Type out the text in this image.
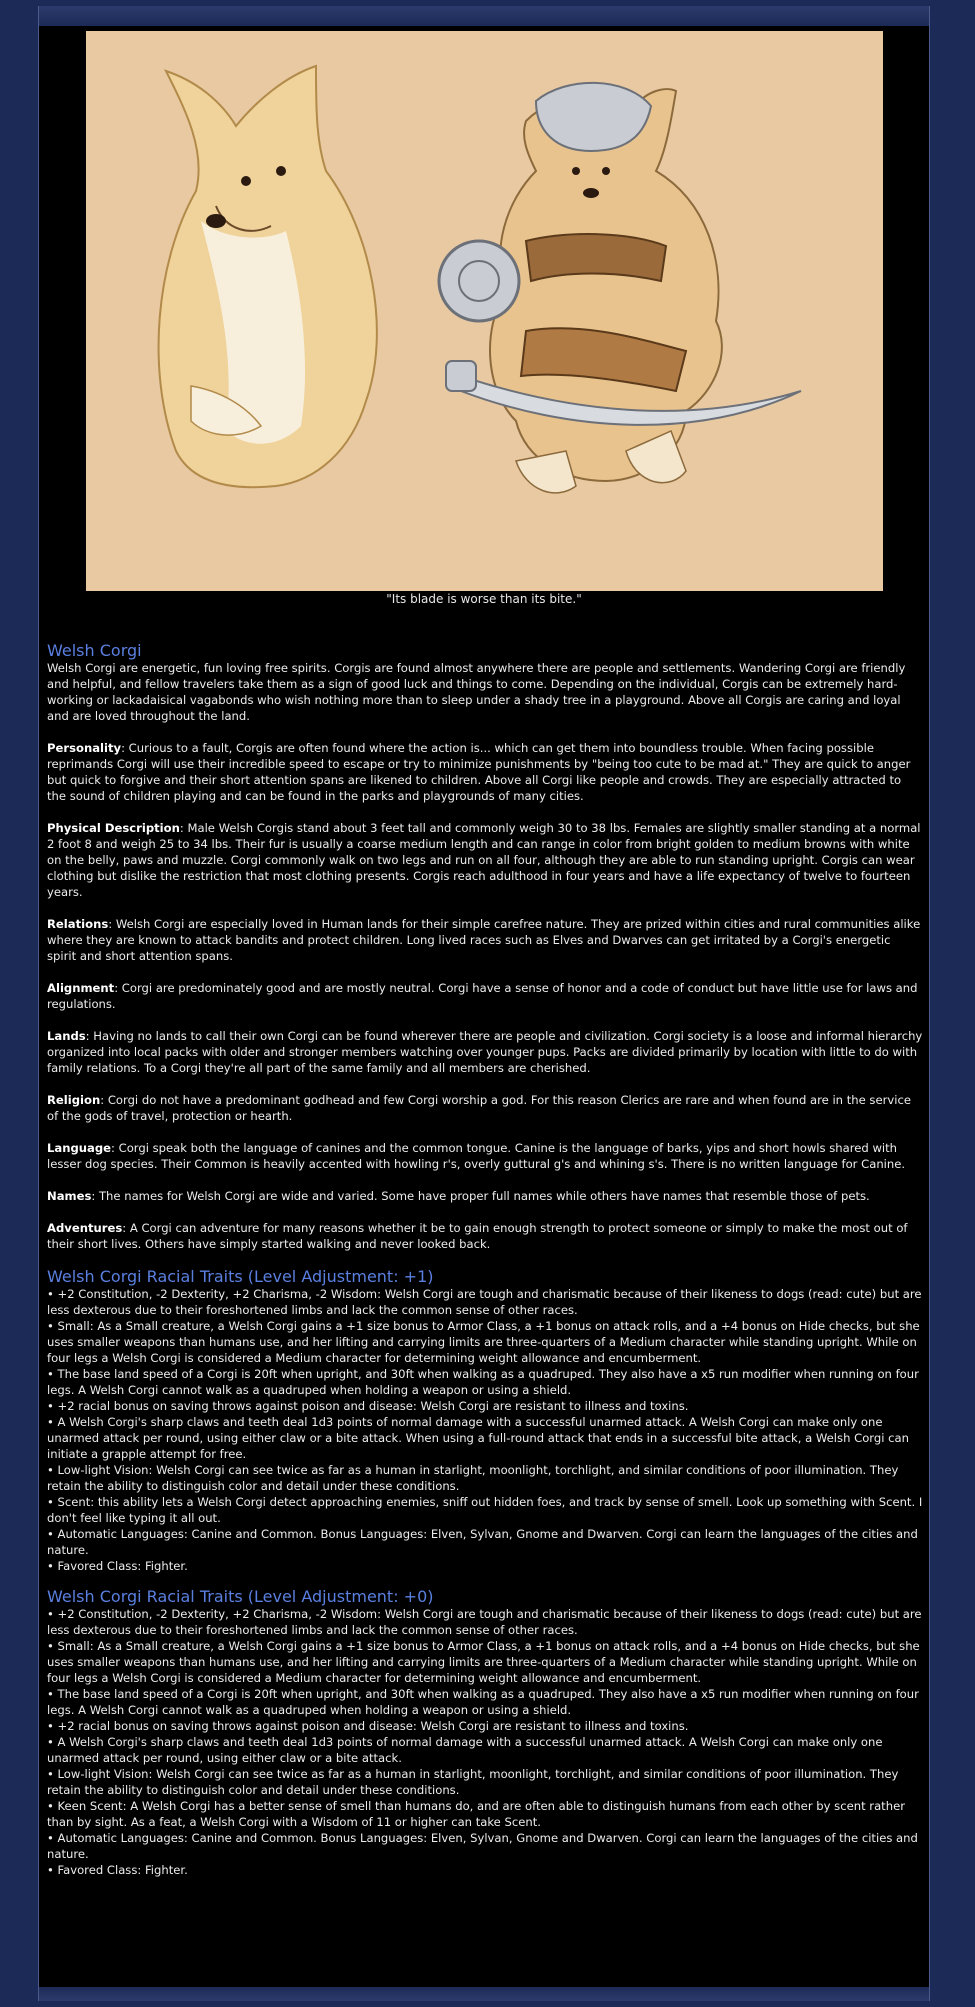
"Its blade is worse than its bite."
Welsh Corgi

Welsh Corgi are energetic, fun loving free spirits. Corgis are found almost anywhere there are people and settlements. Wandering Corgi are friendly and helpful, and fellow travelers take them as a sign of good luck and things to come. Depending on the individual, Corgis can be extremely hard-working or lackadaisical vagabonds who wish nothing more than to sleep under a shady tree in a playground. Above all Corgis are caring and loyal and are loved throughout the land.

Personality: Curious to a fault, Corgis are often found where the action is... which can get them into boundless trouble. When facing possible reprimands Corgi will use their incredible speed to escape or try to minimize punishments by "being too cute to be mad at." They are quick to anger but quick to forgive and their short attention spans are likened to children. Above all Corgi like people and crowds. They are especially attracted to the sound of children playing and can be found in the parks and playgrounds of many cities.

Physical Description: Male Welsh Corgis stand about 3 feet tall and commonly weigh 30 to 38 lbs. Females are slightly smaller standing at a normal 2 foot 8 and weigh 25 to 34 lbs. Their fur is usually a coarse medium length and can range in color from bright golden to medium browns with white on the belly, paws and muzzle. Corgi commonly walk on two legs and run on all four, although they are able to run standing upright. Corgis can wear clothing but dislike the restriction that most clothing presents. Corgis reach adulthood in four years and have a life expectancy of twelve to fourteen years.

Relations: Welsh Corgi are especially loved in Human lands for their simple carefree nature. They are prized within cities and rural communities alike where they are known to attack bandits and protect children. Long lived races such as Elves and Dwarves can get irritated by a Corgi's energetic spirit and short attention spans.

Alignment: Corgi are predominately good and are mostly neutral. Corgi have a sense of honor and a code of conduct but have little use for laws and regulations.

Lands: Having no lands to call their own Corgi can be found wherever there are people and civilization. Corgi society is a loose and informal hierarchy organized into local packs with older and stronger members watching over younger pups. Packs are divided primarily by location with little to do with family relations. To a Corgi they're all part of the same family and all members are cherished.

Religion: Corgi do not have a predominant godhead and few Corgi worship a god. For this reason Clerics are rare and when found are in the service of the gods of travel, protection or hearth.

Language: Corgi speak both the language of canines and the common tongue. Canine is the language of barks, yips and short howls shared with lesser dog species. Their Common is heavily accented with howling r's, overly guttural g's and whining s's. There is no written language for Canine.

Names: The names for Welsh Corgi are wide and varied. Some have proper full names while others have names that resemble those of pets.

Adventures: A Corgi can adventure for many reasons whether it be to gain enough strength to protect someone or simply to make the most out of their short lives. Others have simply started walking and never looked back.

Welsh Corgi Racial Traits (Level Adjustment: +1)
• +2 Constitution, -2 Dexterity, +2 Charisma, -2 Wisdom: Welsh Corgi are tough and charismatic because of their likeness to dogs (read: cute) but are less dexterous due to their foreshortened limbs and lack the common sense of other races.
• Small: As a Small creature, a Welsh Corgi gains a +1 size bonus to Armor Class, a +1 bonus on attack rolls, and a +4 bonus on Hide checks, but she uses smaller weapons than humans use, and her lifting and carrying limits are three-quarters of a Medium character while standing upright. While on four legs a Welsh Corgi is considered a Medium character for determining weight allowance and encumberment.
• The base land speed of a Corgi is 20ft when upright, and 30ft when walking as a quadruped. They also have a x5 run modifier when running on four legs. A Welsh Corgi cannot walk as a quadruped when holding a weapon or using a shield.
• +2 racial bonus on saving throws against poison and disease: Welsh Corgi are resistant to illness and toxins.
• A Welsh Corgi's sharp claws and teeth deal 1d3 points of normal damage with a successful unarmed attack. A Welsh Corgi can make only one unarmed attack per round, using either claw or a bite attack. When using a full-round attack that ends in a successful bite attack, a Welsh Corgi can initiate a grapple attempt for free.
• Low-light Vision: Welsh Corgi can see twice as far as a human in starlight, moonlight, torchlight, and similar conditions of poor illumination. They retain the ability to distinguish color and detail under these conditions.
• Scent: this ability lets a Welsh Corgi detect approaching enemies, sniff out hidden foes, and track by sense of smell. Look up something with Scent. I don't feel like typing it all out.
• Automatic Languages: Canine and Common. Bonus Languages: Elven, Sylvan, Gnome and Dwarven. Corgi can learn the languages of the cities and nature.
• Favored Class: Fighter.
Welsh Corgi Racial Traits (Level Adjustment: +0)
• +2 Constitution, -2 Dexterity, +2 Charisma, -2 Wisdom: Welsh Corgi are tough and charismatic because of their likeness to dogs (read: cute) but are less dexterous due to their foreshortened limbs and lack the common sense of other races.
• Small: As a Small creature, a Welsh Corgi gains a +1 size bonus to Armor Class, a +1 bonus on attack rolls, and a +4 bonus on Hide checks, but she uses smaller weapons than humans use, and her lifting and carrying limits are three-quarters of a Medium character while standing upright. While on four legs a Welsh Corgi is considered a Medium character for determining weight allowance and encumberment.
• The base land speed of a Corgi is 20ft when upright, and 30ft when walking as a quadruped. They also have a x5 run modifier when running on four legs. A Welsh Corgi cannot walk as a quadruped when holding a weapon or using a shield.
• +2 racial bonus on saving throws against poison and disease: Welsh Corgi are resistant to illness and toxins.
• A Welsh Corgi's sharp claws and teeth deal 1d3 points of normal damage with a successful unarmed attack. A Welsh Corgi can make only one unarmed attack per round, using either claw or a bite attack.
• Low-light Vision: Welsh Corgi can see twice as far as a human in starlight, moonlight, torchlight, and similar conditions of poor illumination. They retain the ability to distinguish color and detail under these conditions.
• Keen Scent: A Welsh Corgi has a better sense of smell than humans do, and are often able to distinguish humans from each other by scent rather than by sight. As a feat, a Welsh Corgi with a Wisdom of 11 or higher can take Scent.
• Automatic Languages: Canine and Common. Bonus Languages: Elven, Sylvan, Gnome and Dwarven. Corgi can learn the languages of the cities and nature.
• Favored Class: Fighter.
